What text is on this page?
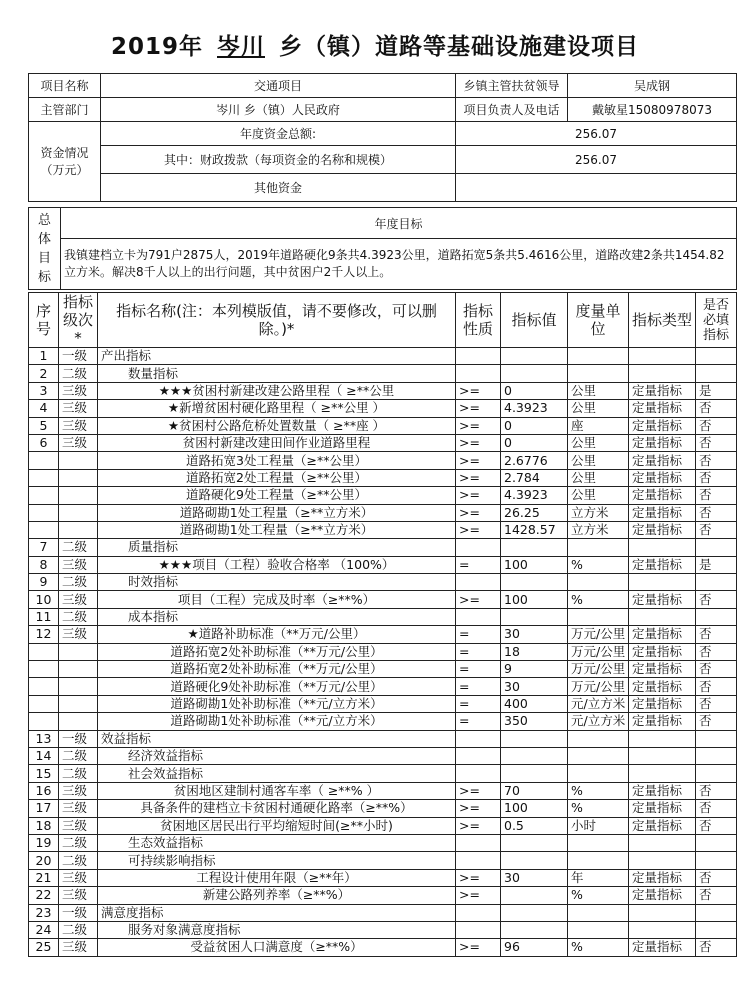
2019年 岑川 乡（镇）道路等基础设施建设项目
项目名称	交通项目	乡镇主管扶贫领导	吴成钢
主管部门	岑川 乡（镇）人民政府	项目负责人及电话	戴敏星15080978073
资金情况（万元）	年度资金总额:	256.07	
	其中：财政拨款（每项资金的名称和规模）	256.07	
	其他资金		
总体目标	年度目标
我镇建档立卡为791户2875人，2019年道路硬化9条共4.3923公里，道路拓宽5条共5.4616公里，道路改建2条共1454.82立方米。解决8千人以上的出行问题，其中贫困户2千人以上。
序号	指标级次*	指标名称(注：本列模版值，请不要修改，可以删除。)*	指标性质	指标值	度量单位	指标类型	是否必填指标
1	一级	产出指标					
2	二级	数量指标					
3	三级	★★★贫困村新建改建公路里程（ ≥**公里	>=	0	公里	定量指标	是
4	三级	★新增贫困村硬化路里程（ ≥**公里 ）	>=	4.3923	公里	定量指标	否
5	三级	★贫困村公路危桥处置数量（ ≥**座 ）	>=	0	座	定量指标	否
6	三级	贫困村新建改建田间作业道路里程	>=	0	公里	定量指标	否
		道路拓宽3处工程量（≥**公里）	>=	2.6776	公里	定量指标	否
		道路拓宽2处工程量（≥**公里）	>=	2.784	公里	定量指标	否
		道路硬化9处工程量（≥**公里）	>=	4.3923	公里	定量指标	否
		道路砌勘1处工程量（≥**立方米）	>=	26.25	立方米	定量指标	否
		道路砌勘1处工程量（≥**立方米）	>=	1428.57	立方米	定量指标	否
7	二级	质量指标					
8	三级	★★★项目（工程）验收合格率 （100%）	=	100	%	定量指标	是
9	二级	时效指标					
10	三级	项目（工程）完成及时率（≥**%）	>=	100	%	定量指标	否
11	二级	成本指标					
12	三级	★道路补助标准（**万元/公里）	=	30	万元/公里	定量指标	否
		道路拓宽2处补助标准（**万元/公里）	=	18	万元/公里	定量指标	否
		道路拓宽2处补助标准（**万元/公里）	=	9	万元/公里	定量指标	否
		道路硬化9处补助标准（**万元/公里）	=	30	万元/公里	定量指标	否
		道路砌勘1处补助标准（**元/立方米）	=	400	元/立方米	定量指标	否
		道路砌勘1处补助标准（**元/立方米）	=	350	元/立方米	定量指标	否
13	一级	效益指标					
14	二级	经济效益指标					
15	二级	社会效益指标					
16	三级	贫困地区建制村通客车率（ ≥**% ）	>=	70	%	定量指标	否
17	三级	具备条件的建档立卡贫困村通硬化路率（≥**%）	>=	100	%	定量指标	否
18	三级	贫困地区居民出行平均缩短时间(≥**小时)	>=	0.5	小时	定量指标	否
19	二级	生态效益指标					
20	二级	可持续影响指标					
21	三级	工程设计使用年限（≥**年）	>=	30	年	定量指标	否
22	三级	新建公路列养率（≥**%）	>=		%	定量指标	否
23	一级	满意度指标					
24	二级	服务对象满意度指标					
25	三级	受益贫困人口满意度（≥**%）	>=	96	%	定量指标	否
